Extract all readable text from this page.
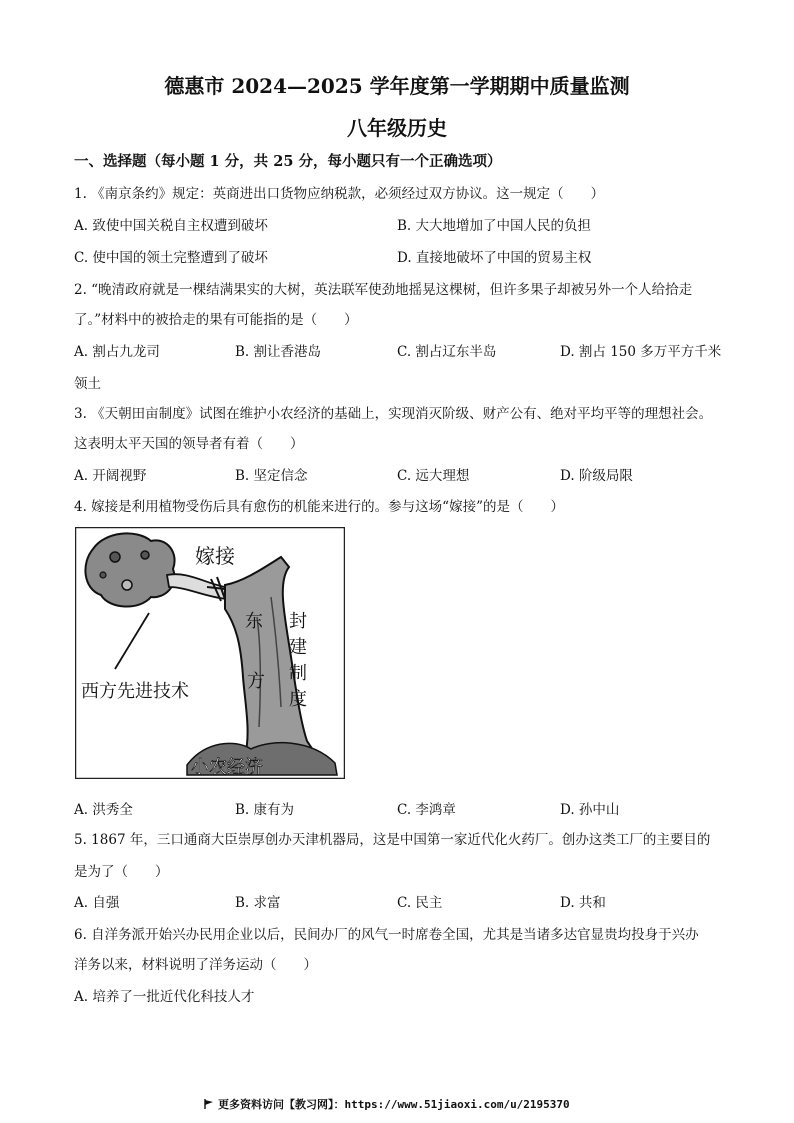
德惠市 2024—2025 学年度第一学期期中质量监测
八年级历史
一、选择题（每小题 1 分，共 25 分，每小题只有一个正确选项）
1. 《南京条约》规定：英商进出口货物应纳税款，必须经过双方协议。这一规定（　　）
A. 致使中国关税自主权遭到破坏	B. 大大地增加了中国人民的负担
C. 使中国的领土完整遭到了破坏	D. 直接地破坏了中国的贸易主权
2. “晚清政府就是一棵结满果实的大树，英法联军使劲地摇晃这棵树，但许多果子却被另外一个人给拾走
了。”材料中的被拾走的果有可能指的是（　　）
A. 割占九龙司	B. 割让香港岛	C. 割占辽东半岛	D. 割占 150 多万平方千米
领土
3. 《天朝田亩制度》试图在维护小农经济的基础上，实现消灭阶级、财产公有、绝对平均平等的理想社会。
这表明太平天国的领导者有着（　　）
A. 开阔视野	B. 坚定信念	C. 远大理想	D. 阶级局限
4. 嫁接是利用植物受伤后具有愈伤的机能来进行的。参与这场“嫁接”的是（　　）
嫁接
西方先进技术
东
方
封
建
制
度
小农经济
A. 洪秀全	B. 康有为	C. 李鸿章	D. 孙中山
5. 1867 年，三口通商大臣崇厚创办天津机器局，这是中国第一家近代化火药厂。创办这类工厂的主要目的
是为了（　　）
A. 自强	B. 求富	C. 民主	D. 共和
6. 自洋务派开始兴办民用企业以后，民间办厂的风气一时席卷全国，尤其是当诸多达官显贵均投身于兴办
洋务以来，材料说明了洋务运动（　　）
A. 培养了一批近代化科技人才
更多资料访问【教习网】：https://www.51jiaoxi.com/u/2195370
